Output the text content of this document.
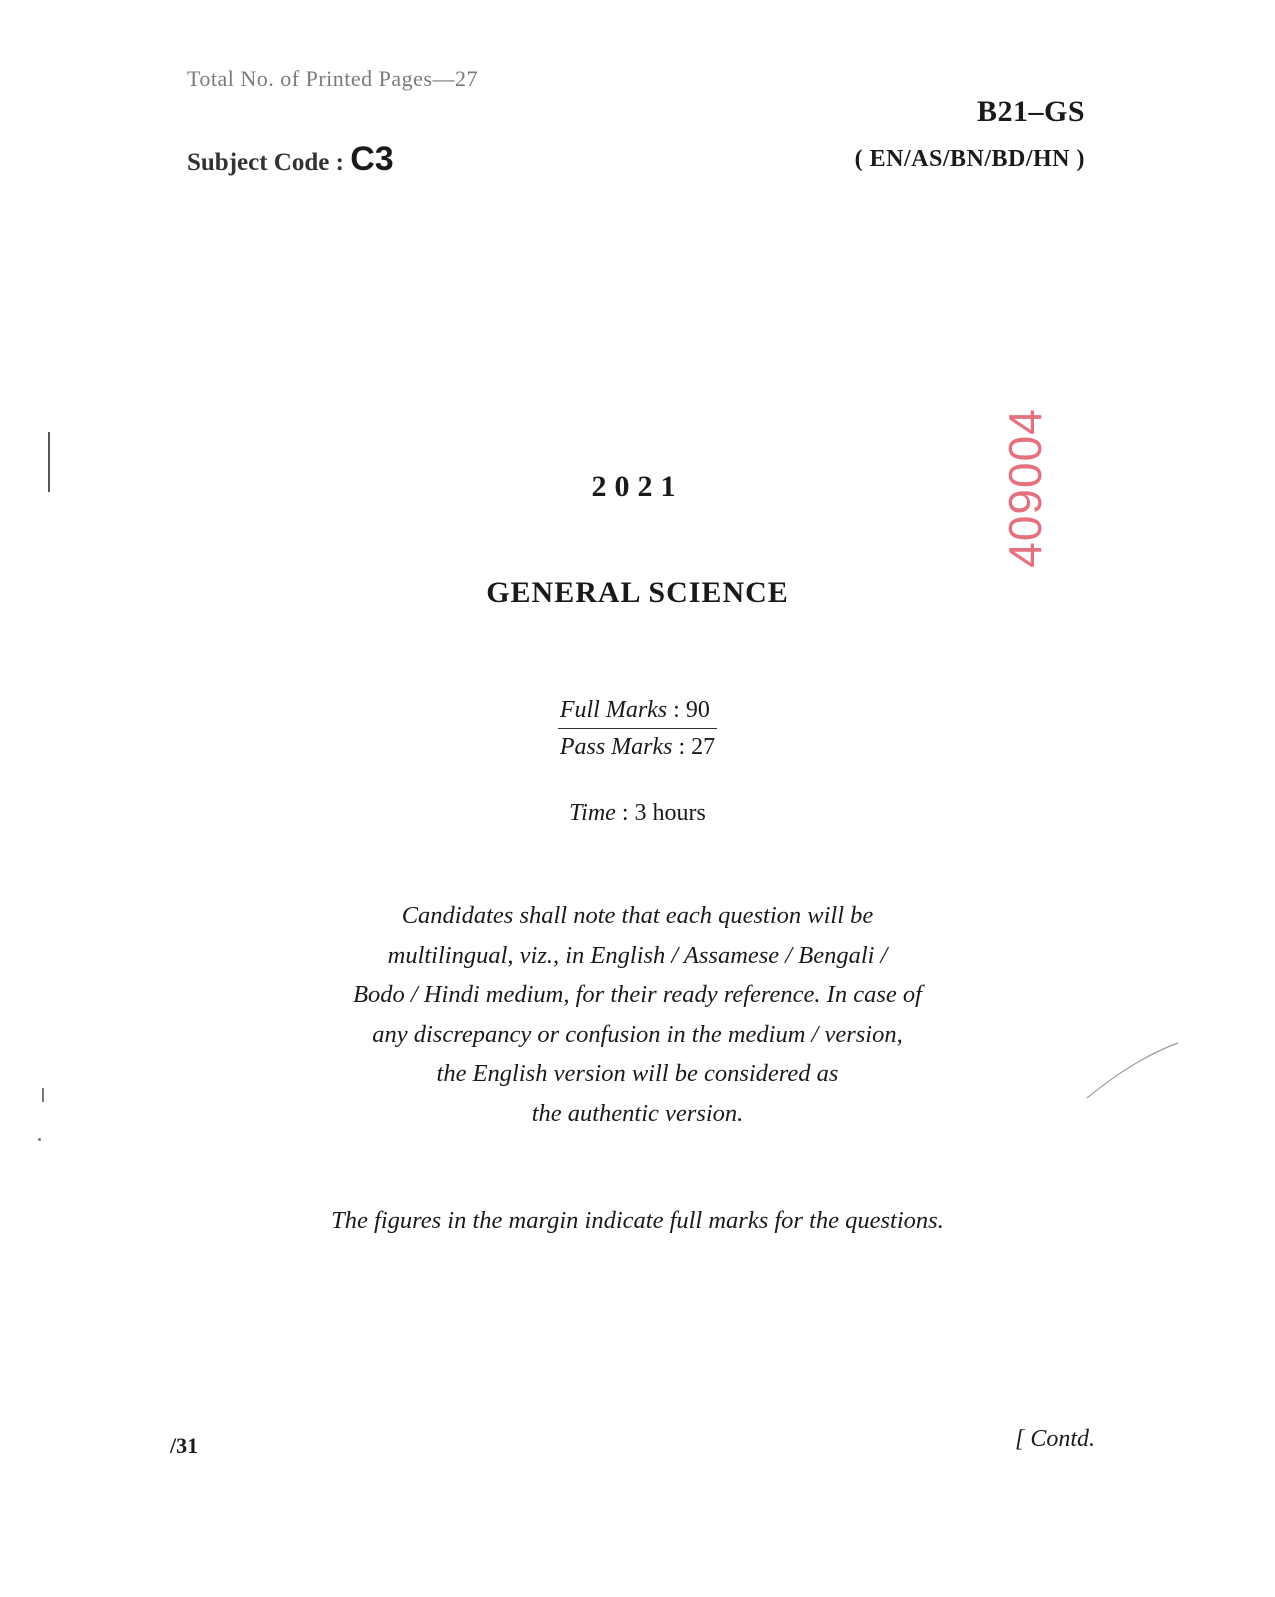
Total No. of Printed Pages—27
B21–GS
Subject Code : C3	( EN/AS/BN/BD/HN )
409004
2021
GENERAL SCIENCE
Full Marks : 90
Pass Marks : 27
Time : 3 hours
Candidates shall note that each question will be
multilingual, viz., in English / Assamese / Bengali /
Bodo / Hindi medium, for their ready reference. In case of
any discrepancy or confusion in the medium / version,
the English version will be considered as
the authentic version.
The figures in the margin indicate full marks for the questions.
/31	[ Contd.
